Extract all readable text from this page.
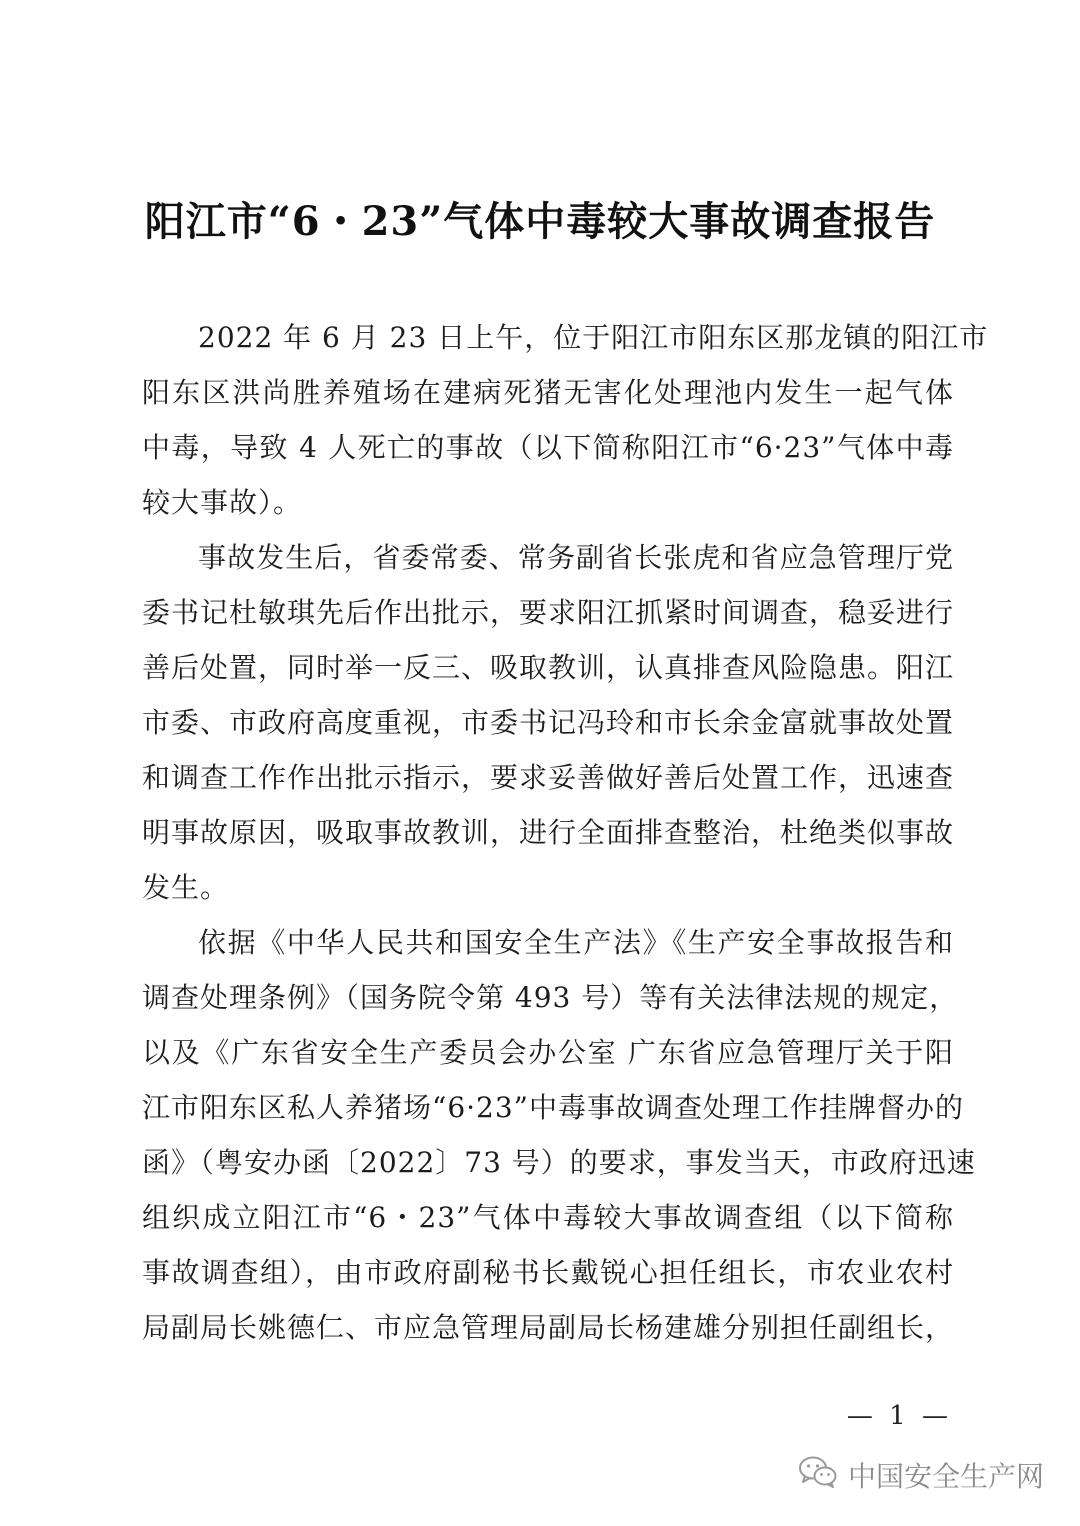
阳江市“6・23”气体中毒较大事故调查报告
2022 年 6 月 23 日上午，位于阳江市阳东区那龙镇的阳江市
阳东区洪尚胜养殖场在建病死猪无害化处理池内发生一起气体
中毒，导致 4 人死亡的事故（以下简称阳江市“6·23”气体中毒
较大事故）。
事故发生后，省委常委、常务副省长张虎和省应急管理厅党
委书记杜敏琪先后作出批示，要求阳江抓紧时间调查，稳妥进行
善后处置，同时举一反三、吸取教训，认真排查风险隐患。阳江
市委、市政府高度重视，市委书记冯玲和市长余金富就事故处置
和调查工作作出批示指示，要求妥善做好善后处置工作，迅速查
明事故原因，吸取事故教训，进行全面排查整治，杜绝类似事故
发生。
依据《中华人民共和国安全生产法》《生产安全事故报告和
调查处理条例》（国务院令第 493 号）等有关法律法规的规定，
以及《广东省安全生产委员会办公室 广东省应急管理厅关于阳
江市阳东区私人养猪场“6·23”中毒事故调查处理工作挂牌督办的
函》（粤安办函〔2022〕73 号）的要求，事发当天，市政府迅速
组织成立阳江市“6・23”气体中毒较大事故调查组（以下简称
事故调查组），由市政府副秘书长戴锐心担任组长，市农业农村
局副局长姚德仁、市应急管理局副局长杨建雄分别担任副组长，
— 1 —
中国安全生产网
